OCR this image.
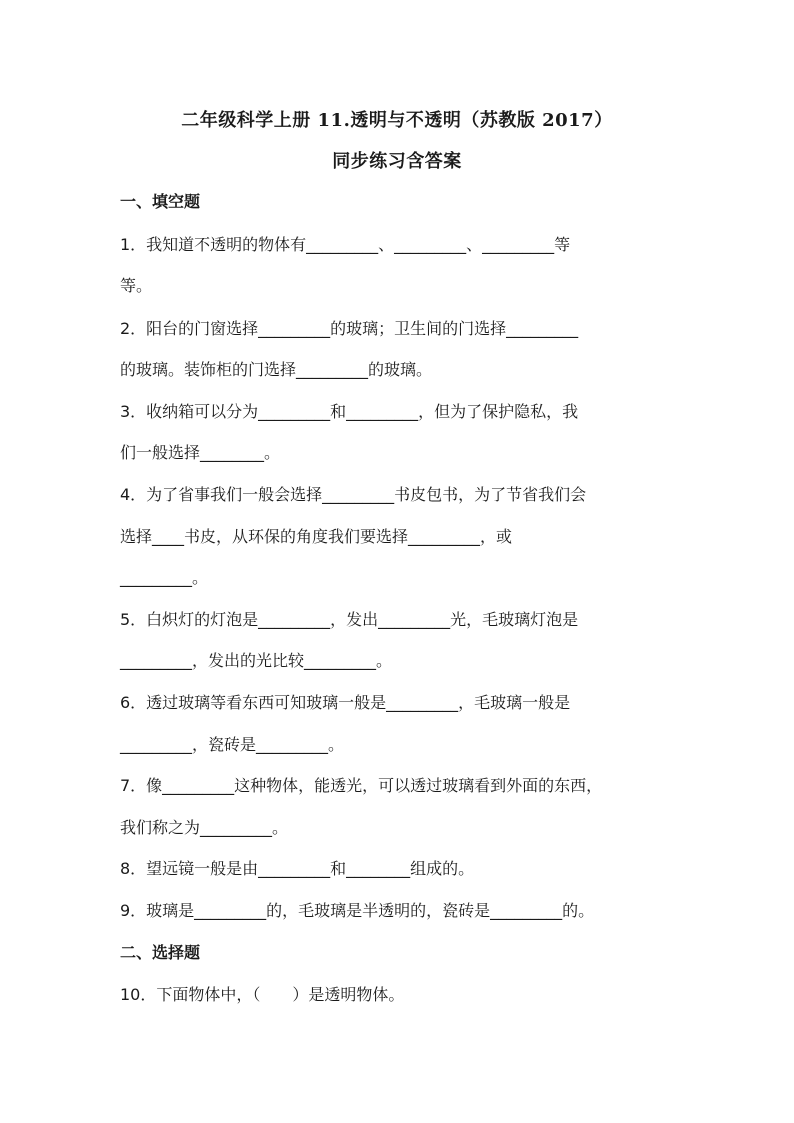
二年级科学上册 11.透明与不透明（苏教版 2017）
同步练习含答案
一、填空题
1．我知道不透明的物体有_________、_________、_________等
等。
2．阳台的门窗选择_________的玻璃；卫生间的门选择_________
的玻璃。装饰柜的门选择_________的玻璃。
3．收纳箱可以分为_________和_________，但为了保护隐私，我
们一般选择________。
4．为了省事我们一般会选择_________书皮包书，为了节省我们会
选择____书皮，从环保的角度我们要选择_________，或
_________。
5．白炽灯的灯泡是_________，发出_________光，毛玻璃灯泡是
_________，发出的光比较_________。
6．透过玻璃等看东西可知玻璃一般是_________，毛玻璃一般是
_________，瓷砖是_________。
7．像_________这种物体，能透光，可以透过玻璃看到外面的东西，
我们称之为_________。
8．望远镜一般是由_________和________组成的。
9．玻璃是_________的，毛玻璃是半透明的，瓷砖是_________的。
二、选择题
10．下面物体中，（　　）是透明物体。
